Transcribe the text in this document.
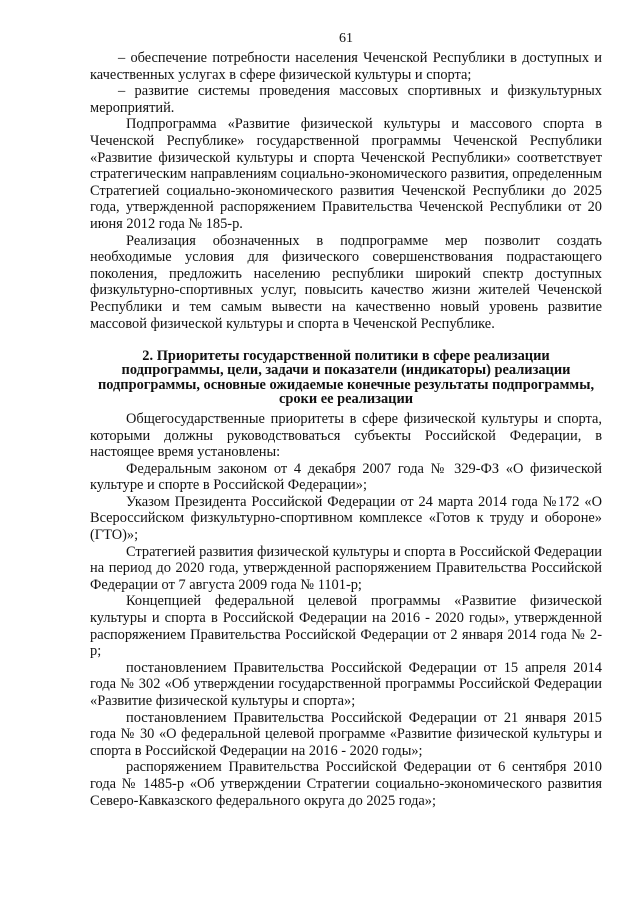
61

– обеспечение потребности населения Чеченской Республики в доступных и качественных услугах в сфере физической культуры и спорта;

– развитие системы проведения массовых спортивных и физкультурных мероприятий.

Подпрограмма «Развитие физической культуры и массового спорта в Чеченской Республике» государственной программы Чеченской Республики «Развитие физической культуры и спорта Чеченской Республики» соответствует стратегическим направлениям социально-экономического развития, определенным Стратегией социально-экономического развития Чеченской Республики до 2025 года, утвержденной распоряжением Правительства Чеченской Республики от 20 июня 2012 года № 185-р.

Реализация обозначенных в подпрограмме мер позволит создать необходимые условия для физического совершенствования подрастающего поколения, предложить населению республики широкий спектр доступных физкультурно-спортивных услуг, повысить качество жизни жителей Чеченской Республики и тем самым вывести на качественно новый уровень развитие массовой физической культуры и спорта в Чеченской Республике.

2. Приоритеты государственной политики в сфере реализации подпрограммы, цели, задачи и показатели (индикаторы) реализации подпрограммы, основные ожидаемые конечные результаты подпрограммы, сроки ее реализации

Общегосударственные приоритеты в сфере физической культуры и спорта, которыми должны руководствоваться субъекты Российской Федерации, в настоящее время установлены:

Федеральным законом от 4 декабря 2007 года № 329-ФЗ «О физической культуре и спорте в Российской Федерации»;

Указом Президента Российской Федерации от 24 марта 2014 года №172 «О Всероссийском физкультурно-спортивном комплексе «Готов к труду и обороне» (ГТО)»;

Стратегией развития физической культуры и спорта в Российской Федерации на период до 2020 года, утвержденной распоряжением Правительства Российской Федерации от 7 августа 2009 года № 1101-р;

Концепцией федеральной целевой программы «Развитие физической культуры и спорта в Российской Федерации на 2016 - 2020 годы», утвержденной распоряжением Правительства Российской Федерации от 2 января 2014 года № 2-р;

постановлением Правительства Российской Федерации от 15 апреля 2014 года № 302 «Об утверждении государственной программы Российской Федерации «Развитие физической культуры и спорта»;

постановлением Правительства Российской Федерации от 21 января 2015 года № 30 «О федеральной целевой программе «Развитие физической культуры и спорта в Российской Федерации на 2016 - 2020 годы»;

распоряжением Правительства Российской Федерации от 6 сентября 2010 года № 1485-р «Об утверждении Стратегии социально-экономического развития Северо-Кавказского федерального округа до 2025 года»;
